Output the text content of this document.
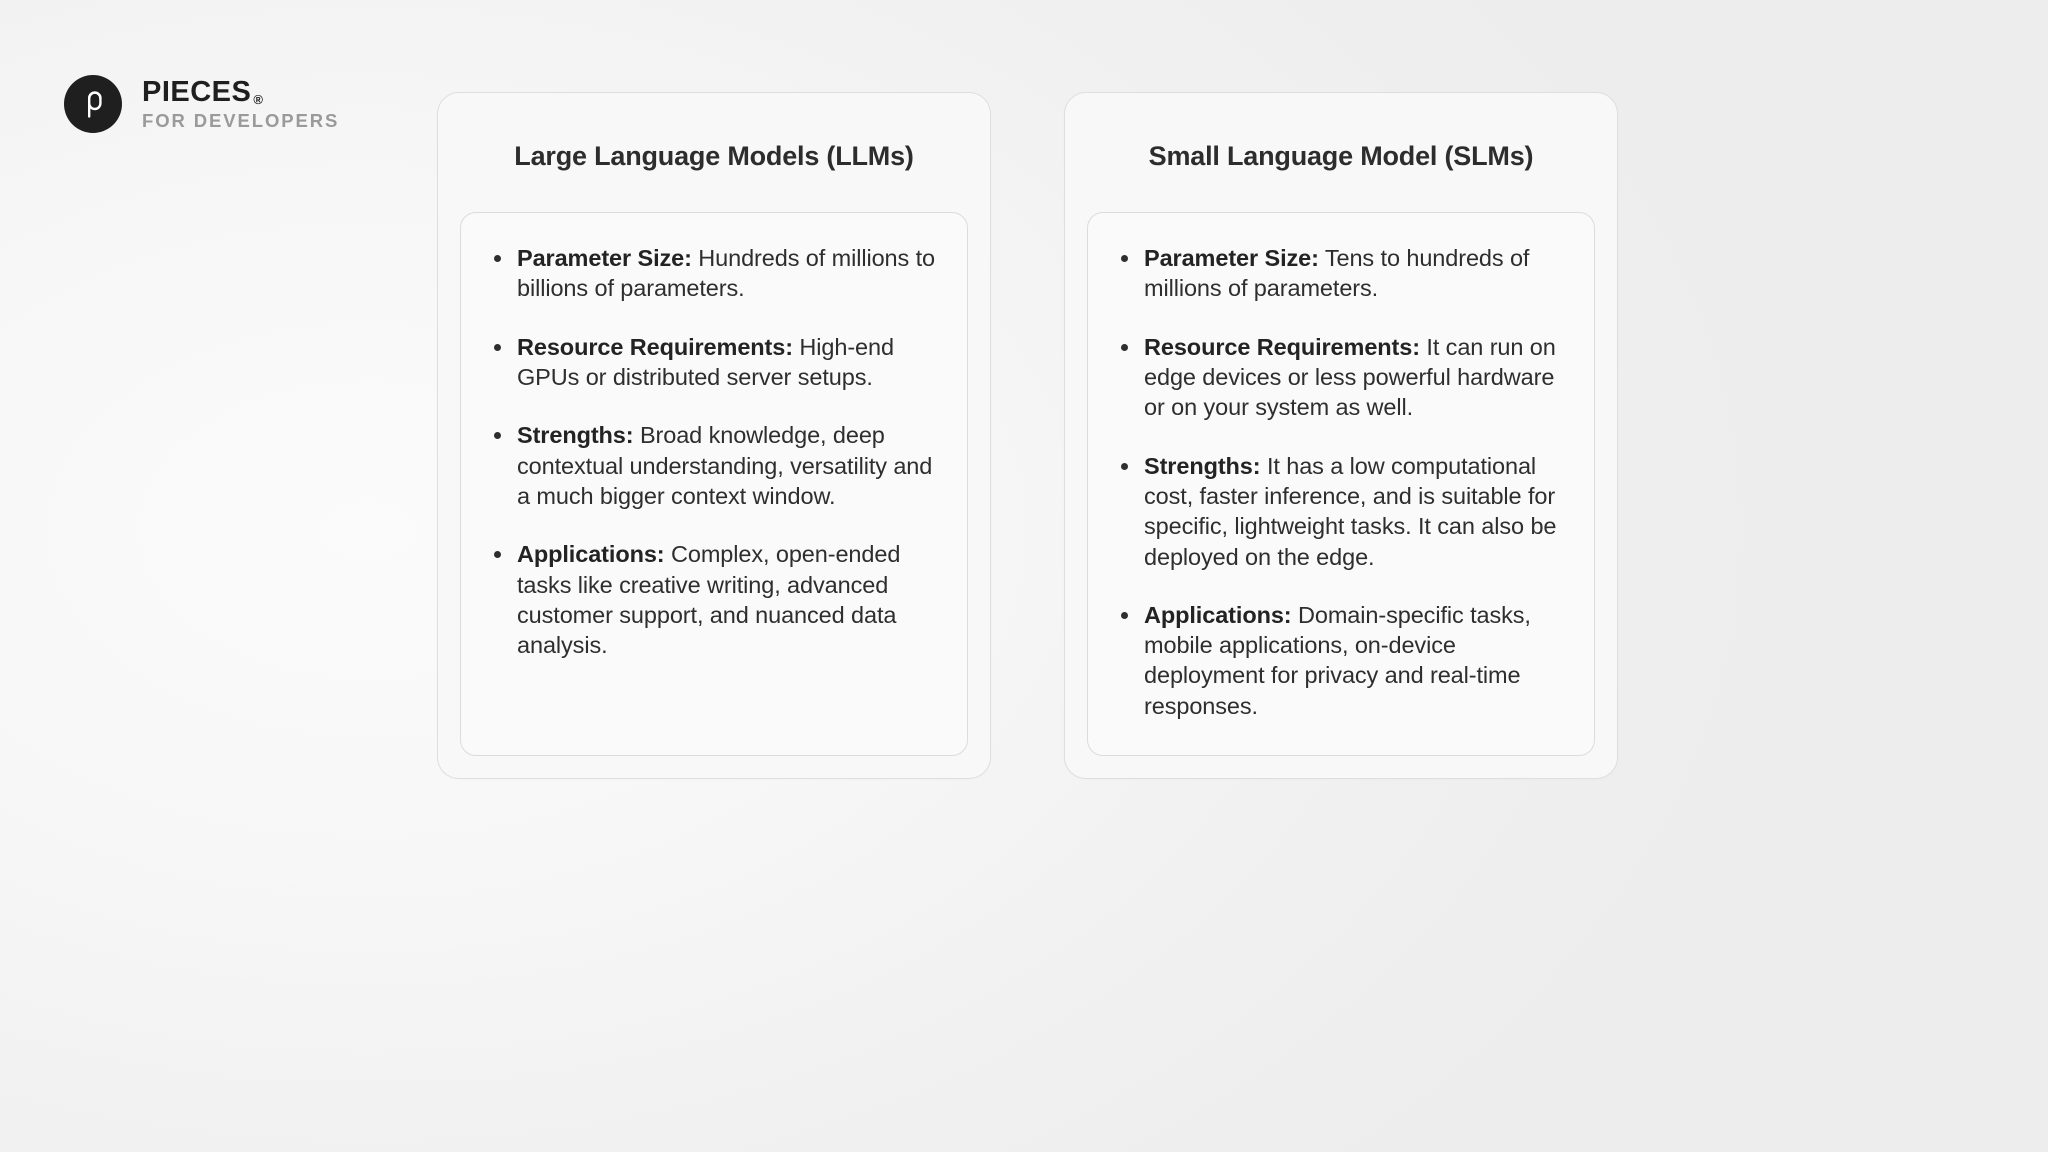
PIECES ®
FOR DEVELOPERS
Large Language Models (LLMs)
Parameter Size: Hundreds of millions to billions of parameters.
Resource Requirements: High-end GPUs or distributed server setups.
Strengths: Broad knowledge, deep contextual understanding, versatility and a much bigger context window.
Applications: Complex, open-ended tasks like creative writing, advanced customer support, and nuanced data analysis.
Small Language Model (SLMs)
Parameter Size: Tens to hundreds of millions of parameters.
Resource Requirements: It can run on edge devices or less powerful hardware or on your system as well.
Strengths: It has a low computational cost, faster inference, and is suitable for specific, lightweight tasks. It can also be deployed on the edge.
Applications: Domain-specific tasks, mobile applications, on-device deployment for privacy and real-time responses.
